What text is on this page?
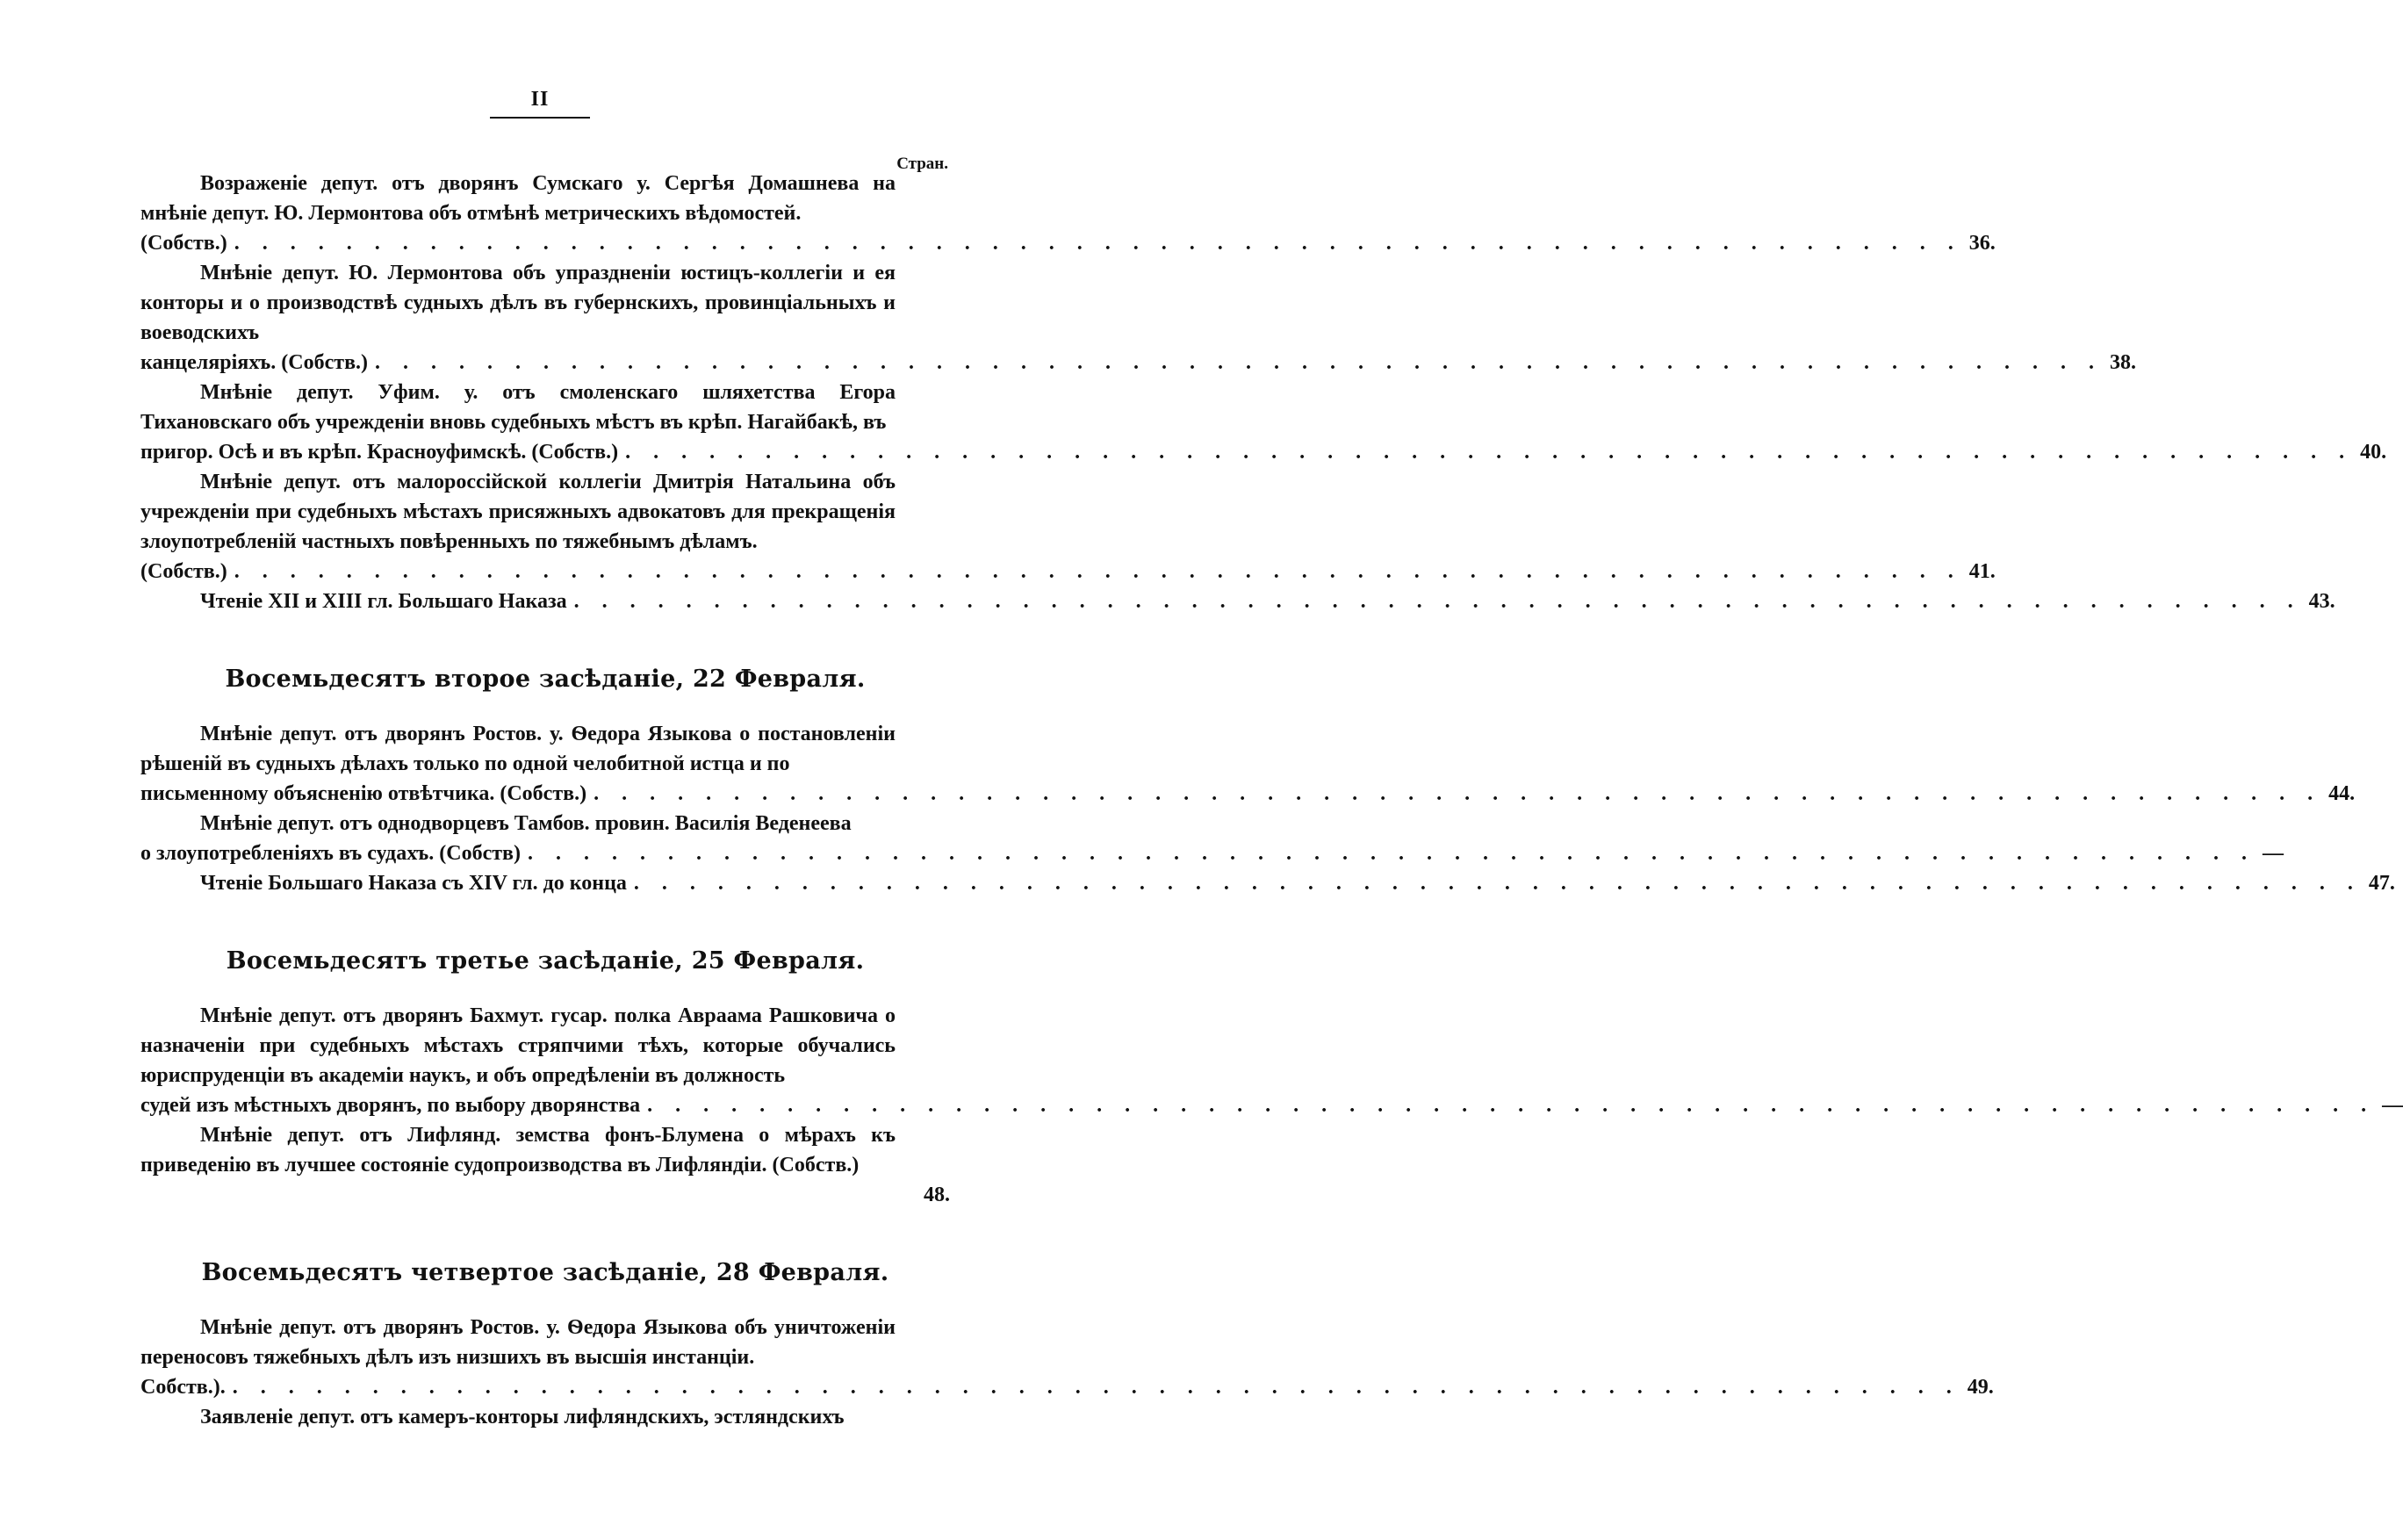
II
Стран.
Возраженіе депут. отъ дворянъ Сумскаго у. Сергѣя Домашнева на мнѣніе депут. Ю. Лермонтова объ отмѣнѣ метрическихъ вѣдомостей.
(Собств.) . . . . . . . . . . . . . . . . . . . . . . . . . . . . . . . . . . . . . . . . . . . . . . . . . . . . . . . . . . . . . . 36.
Мнѣніе депут. Ю. Лермонтова объ упраздненіи юстицъ-коллегіи и ея конторы и о производствѣ судныхъ дѣлъ въ губернскихъ, провинціальныхъ и воеводскихъ
канцеляріяхъ. (Собств.) . . . . . . . . . . . . . . . . . . . . . . . . . . . . . . . . . . . . . . . . . . . . . . . . . . . . . . . . . . . . . . 38.
Мнѣніе депут. Уфим. у. отъ смоленскаго шляхетства Егора Тихановскаго объ учрежденіи вновь судебныхъ мѣстъ въ крѣп. Нагайбакѣ, въ
пригор. Осѣ и въ крѣп. Красноуфимскѣ. (Собств.) . . . . . . . . . . . . . . . . . . . . . . . . . . . . . . . . . . . . . . . . . . . . . . . . . . . . . . . . . . . . . . 40.
Мнѣніе депут. отъ малороссійской коллегіи Дмитрія Натальина объ учрежденіи при судебныхъ мѣстахъ присяжныхъ адвокатовъ для прекращенія злоупотребленій частныхъ повѣренныхъ по тяжебнымъ дѣламъ.
(Собств.) . . . . . . . . . . . . . . . . . . . . . . . . . . . . . . . . . . . . . . . . . . . . . . . . . . . . . . . . . . . . . . 41.
Чтеніе XII и XIII гл. Большаго Наказа . . . . . . . . . . . . . . . . . . . . . . . . . . . . . . . . . . . . . . . . . . . . . . . . . . . . . . . . . . . . . . 43.
Восемьдесятъ второе засѣданіе, 22 Февраля.
Мнѣніе депут. отъ дворянъ Ростов. у. Ѳедора Языкова о постановленіи рѣшеній въ судныхъ дѣлахъ только по одной челобитной истца и по
письменному объясненію отвѣтчика. (Собств.) . . . . . . . . . . . . . . . . . . . . . . . . . . . . . . . . . . . . . . . . . . . . . . . . . . . . . . . . . . . . . . 44.
Мнѣніе депут. отъ однодворцевъ Тамбов. провин. Василія Веденеева
о злоупотребленіяхъ въ судахъ. (Собств) . . . . . . . . . . . . . . . . . . . . . . . . . . . . . . . . . . . . . . . . . . . . . . . . . . . . . . . . . . . . . . —
Чтеніе Большаго Наказа съ XIV гл. до конца . . . . . . . . . . . . . . . . . . . . . . . . . . . . . . . . . . . . . . . . . . . . . . . . . . . . . . . . . . . . . . 47.
Восемьдесятъ третье засѣданіе, 25 Февраля.
Мнѣніе депут. отъ дворянъ Бахмут. гусар. полка Авраама Рашковича о назначеніи при судебныхъ мѣстахъ стряпчими тѣхъ, которые обучались юриспруденціи въ академіи наукъ, и объ опредѣленіи въ должность
судей изъ мѣстныхъ дворянъ, по выбору дворянства . . . . . . . . . . . . . . . . . . . . . . . . . . . . . . . . . . . . . . . . . . . . . . . . . . . . . . . . . . . . . . —
Мнѣніе депут. отъ Лифлянд. земства фонъ-Блумена о мѣрахъ къ приведенію въ лучшее состояніе судопроизводства въ Лифляндіи. (Собств.)
48.
Восемьдесятъ четвертое засѣданіе, 28 Февраля.
Мнѣніе депут. отъ дворянъ Ростов. у. Ѳедора Языкова объ уничтоженіи переносовъ тяжебныхъ дѣлъ изъ низшихъ въ высшія инстанціи.
Собств.). . . . . . . . . . . . . . . . . . . . . . . . . . . . . . . . . . . . . . . . . . . . . . . . . . . . . . . . . . . . . . . 49.
Заявленіе депут. отъ камеръ-конторы лифляндскихъ, эстляндскихъ
